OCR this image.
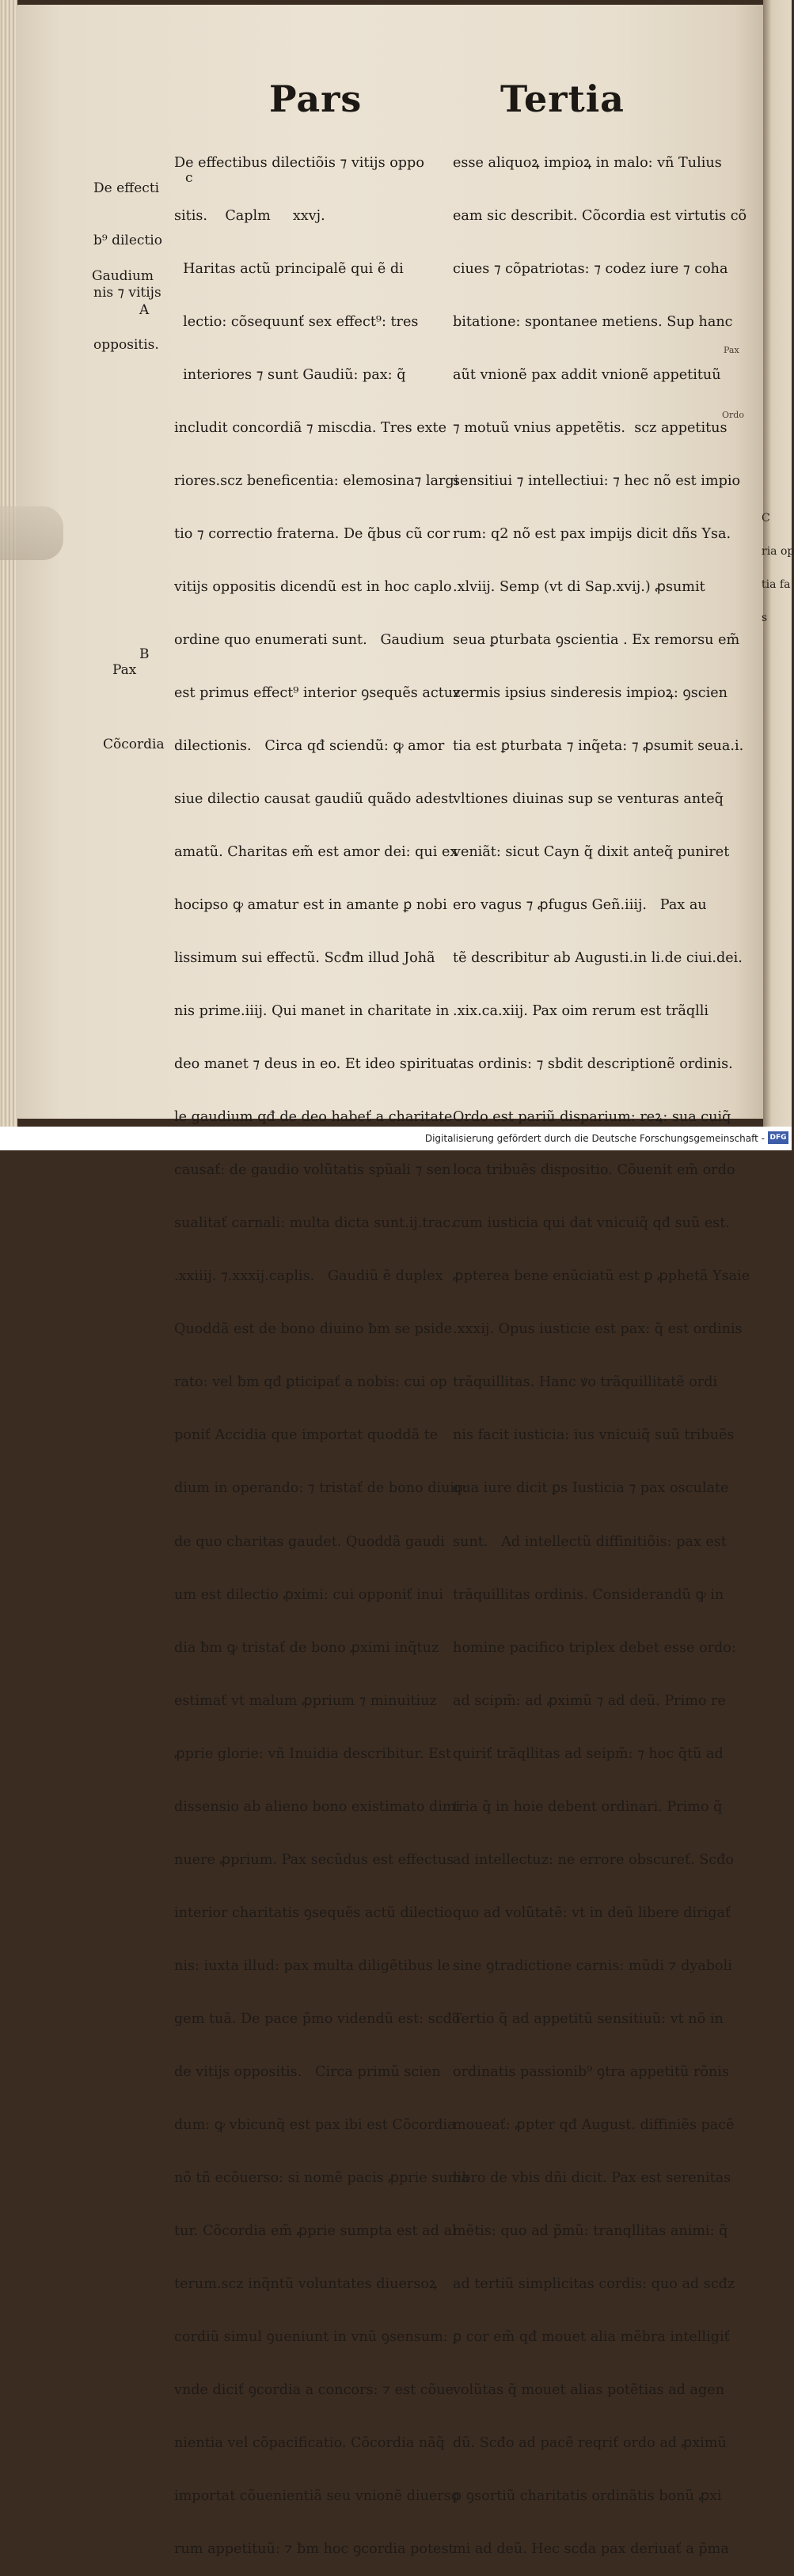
Pars	Tertia

De effecti

b⁹ dilectio

nis ⁊ vitijs

oppositis.

Gaudium
A
c
B
Pax
Cõcordia
Pax
Ordo

De effectibus dilectiõis ⁊ vitijs oppo

sitis.    Caplm     xxvj.

Haritas actũ principalẽ qui ẽ di

lectio: cõsequunť sex effect⁹: tres

interiores ⁊ sunt Gaudiũ: pax: q̃

includit concordiã ⁊ miscdia. Tres exte

riores.scz beneficentia: elemosina⁊ largi

tio ⁊ correctio fraterna. De q̃bus cũ cor

vitijs oppositis dicendũ est in hoc caplo

ordine quo enumerati sunt.   Gaudium

est primus effect⁹ interior ꝯsequẽs actuz

dilectionis.   Circa qđ sciendũ: ꝙ amor

siue dilectio causat gaudiũ quãdo adest

amatũ. Charitas em̃ est amor dei: qui ex

hocipso ꝙ amatur est in amante ꝑ nobi

lissimum sui effectũ. Scđm illud Johã

nis prime.iiij. Qui manet in charitate in

deo manet ⁊ deus in eo. Et ideo spiritua

le gaudium qđ de deo habeť a charitate

causať: de gaudio volũtatis spũali ⁊ sen

sualitať carnali: multa dicta sunt.ij.trac.

.xxiiij. ⁊.xxxij.caplis.   Gaudiũ ẽ duplex

Quoddã est de bono diuino ƀm se pside

rato: vel ƀm qđ ꝑticipať a nobis: cui op

poniť Accidia que importat quoddã te

dium in operando: ⁊ tristať de bono diuio:

de quo charitas gaudet. Quoddã gaudi

um est dilectio ꝓximi: cui opponiť inui

dia ƀm ꝙ tristať de bono ꝓximi inq̃tuz

estimať vt malum ꝓprium ⁊ minuitiuz

ꝓprie glorie: vñ Inuidia describitur. Est

dissensio ab alieno bono existimato dimi

nuere ꝓprium. Pax secũdus est effectus

interior charitatis ꝯsequẽs actũ dilectio

nis: iuxta illud: pax multa diligẽtibus le

gem tuã. De pace p̃mo videndũ est: scđo

de vitijs oppositis.   Circa primũ scien

dum: ꝙ vbicunq̃ est pax ibi est Cõcordia

nõ tñ ecõuerso: si nomẽ pacis ꝓprie suma

tur. Cõcordia em̃ ꝓprie sumpta est ad al

terum.scz inq̃ntũ voluntates diuersoꝝ

cordiũ simul ꝯueniunt in vnũ ꝯsensum:

vnde diciť ꝯcordia a concors: ⁊ est cõue

nientia vel cõpacificatio. Cõcordia nãq̃

importat cõuenientiã seu vnionẽ diuerso

rum appetituũ: ⁊ ƀm hoc ꝯcordia potest

esse aliquoꝝ impioꝝ in malo: vñ Tulius

eam sic describit. Cõcordia est virtutis cõ

ciues ⁊ cõpatriotas: ⁊ codez iure ⁊ coha

bitatione: spontanee metiens. Sup hanc

aũt vnionẽ pax addit vnionẽ appetituũ

⁊ motuũ vnius appetẽtis.  scz appetitus

sensitiui ⁊ intellectiui: ⁊ hec nõ est impio

rum: q2 nõ est pax impijs dicit dñs Ysa.

.xlviij. Semp (vt di Sap.xvij.) ꝓsumit

seua ꝑturbata ꝯscientia . Ex remorsu em̃

vermis ipsius sinderesis impioꝝ: ꝯscien

tia est ꝑturbata ⁊ inq̃eta: ⁊ ꝓsumit seua.i.

vltiones diuinas sup se venturas anteq̃

veniãt: sicut Cayn q̃ dixit anteq̃ puniret

ero vagus ⁊ ꝓfugus Geñ.iiij.   Pax au

tẽ describitur ab Augusti.in li.de ciui.dei.

.xix.ca.xiij. Pax oim rerum est trãqlli

tas ordinis: ⁊ sbdit descriptionẽ ordinis.

Ordo est pariũ disparium: reꝝ: sua cuiq̃

loca tribuẽs dispositio. Cõuenit em̃ ordo

cum iusticia qui dat vnicuiq̃ qđ suũ est.

ꝓpterea bene enũciatũ est ꝑ ꝓphetã Ysaie

.xxxij. Opus iusticie est pax: q̃ est ordinis

trãquillitas. Hanc ꝟo trãquillitatẽ ordi

nis facit iusticia: ius vnicuiq̃ suũ tribuẽs

qua iure dicit ꝑs Iusticia ⁊ pax osculate

sunt.   Ad intellectũ diffinitiõis: pax est

trãquillitas ordinis. Considerandũ ꝙ in

homine pacifico triplex debet esse ordo:

ad scipm̃: ad ꝓximũ ⁊ ad deũ. Primo re

quiriť trãqllitas ad seipm̃: ⁊ hoc q̃tũ ad

tria q̃ in hoie debent ordinari. Primo q̃

ad intellectuz: ne errore obscureť. Scđo

quo ad volũtatẽ: vt in deũ libere dirigať

sine ꝯtradictione carnis: mũdi ⁊ dyaboli

Tertio q̃ ad appetitũ sensitiuũ: vt nõ in

ordinatis passionib⁹ ꝯtra appetitũ rõnis

moueať: ꝓpter qđ August. diffiniẽs pacẽ

libro de vbis dñi dicit. Pax est serenitas

mẽtis: quo ad p̃mũ: tranqllitas animi: q̃

ad tertiũ simplicitas cordis: quo ad scđz

ꝑ cor em̃ qđ mouet alia mẽbra intelligiť

volũtas q̃ mouet alias potẽtias ad agen

dũ. Scđo ad pacẽ reqriť ordo ad ꝓximũ

ꝑ ꝯsortiũ charitatis ordinãtis bonũ ꝓxi

mi ad deũ. Hec scđa pax deriuať a p̃ma

C

ria op

tia fa

s

Digitalisierung gefördert durch die Deutsche Forschungsgemeinschaft - DFG
